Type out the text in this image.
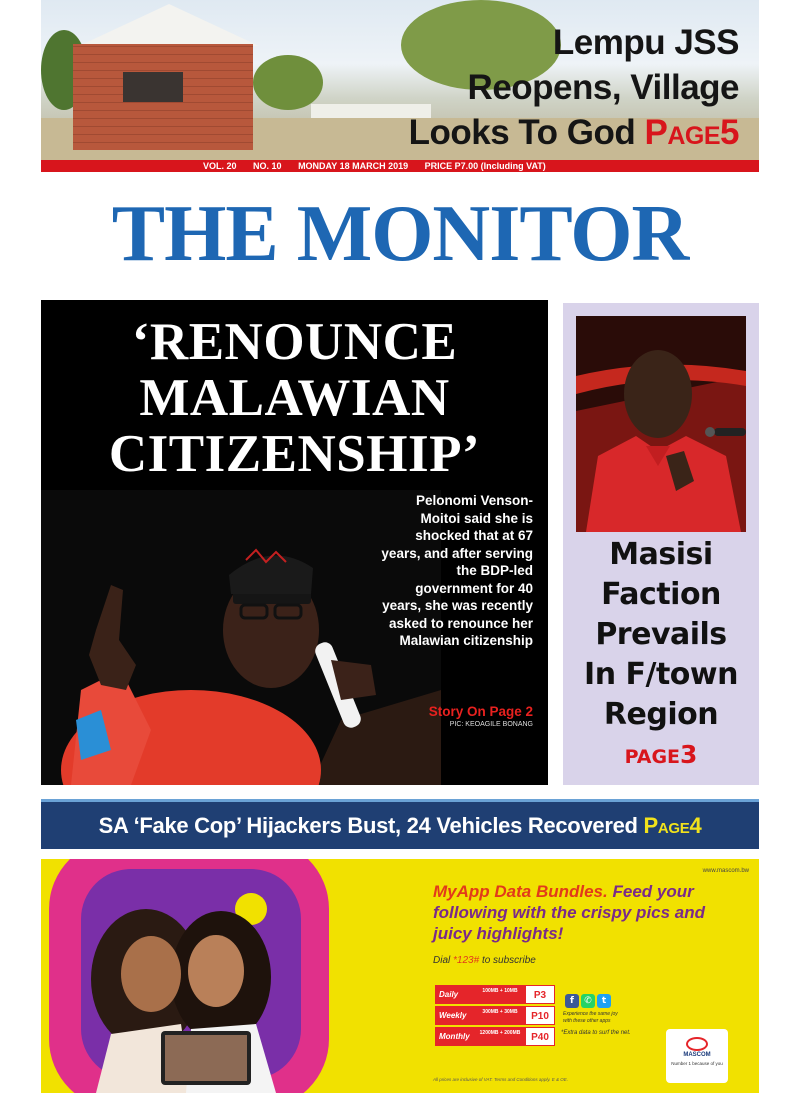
Lempu JSS
Reopens, Village
Looks To God Page5
VOL. 20 NO. 10 MONDAY 18 MARCH 2019 PRICE P7.00 (Including VAT)
THE MONITOR
‘RENOUNCE
MALAWIAN
CITIZENSHIP’
Pelonomi Venson-Moitoi said she is shocked that at 67 years, and after serving the BDP-led government for 40 years, she was recently asked to renounce her Malawian citizenship
Story On Page 2
PIC: KEOAGILE BONANG
Masisi
Faction
Prevails
In F/town
Region
PAGE3
SA ‘Fake Cop’ Hijackers Bust, 24 Vehicles Recovered Page4
www.mascom.bw
MyApp Data Bundles. Feed your following with the crispy pics and juicy highlights!
Dial *123# to subscribe
Daily	100MB + 10MB	P3
Weekly	300MB + 30MB	P10
Monthly	1200MB + 200MB	P40
f	✆	t
Experience the same joy with these other apps
*Extra data to surf the net.
MASCOM
Number 1 because of you
All prices are inclusive of VAT. Terms and Conditions apply. E & OE.
